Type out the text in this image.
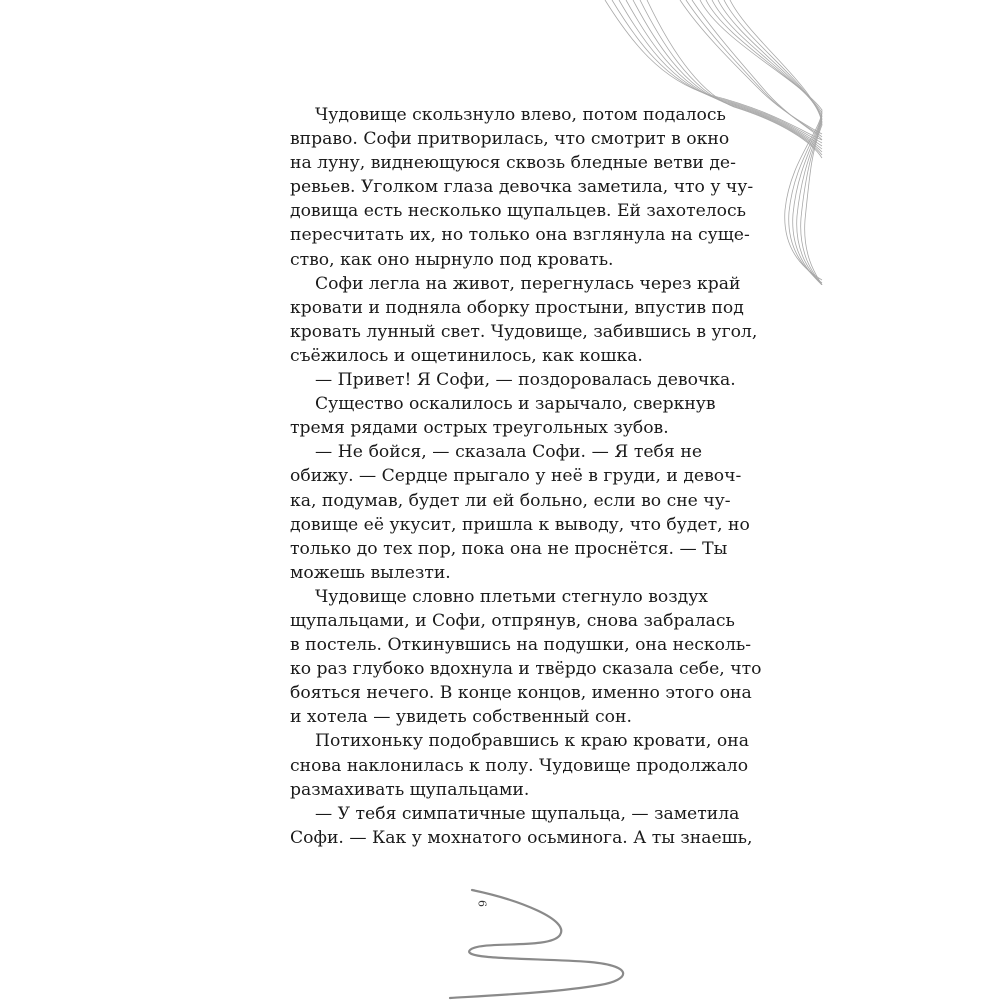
Чудовище скользнуло влево, потом подалось
вправо. Софи притворилась, что смотрит в окно
на луну, виднеющуюся сквозь бледные ветви де-
ревьев. Уголком глаза девочка заметила, что у чу-
довища есть несколько щупальцев. Ей захотелось
пересчитать их, но только она взглянула на суще-
ство, как оно нырнуло под кровать.

Софи легла на живот, перегнулась через край
кровати и подняла оборку простыни, впустив под
кровать лунный свет. Чудовище, забившись в угол,
съёжилось и ощетинилось, как кошка.

— Привет! Я Софи, — поздоровалась девочка.

Существо оскалилось и зарычало, сверкнув
тремя рядами острых треугольных зубов.

— Не бойся, — сказала Софи. — Я тебя не
обижу. — Сердце прыгало у неё в груди, и девоч-
ка, подумав, будет ли ей больно, если во сне чу-
довище её укусит, пришла к выводу, что будет, но
только до тех пор, пока она не проснётся. — Ты
можешь вылезти.

Чудовище словно плетьми стегнуло воздух
щупальцами, и Софи, отпрянув, снова забралась
в постель. Откинувшись на подушки, она несколь-
ко раз глубоко вдохнула и твёрдо сказала себе, что
бояться нечего. В конце концов, именно этого она
и хотела — увидеть собственный сон.

Потихоньку подобравшись к краю кровати, она
снова наклонилась к полу. Чудовище продолжало
размахивать щупальцами.

— У тебя симпатичные щупальца, — заметила
Софи. — Как у мохнатого осьминога. А ты знаешь,

6
